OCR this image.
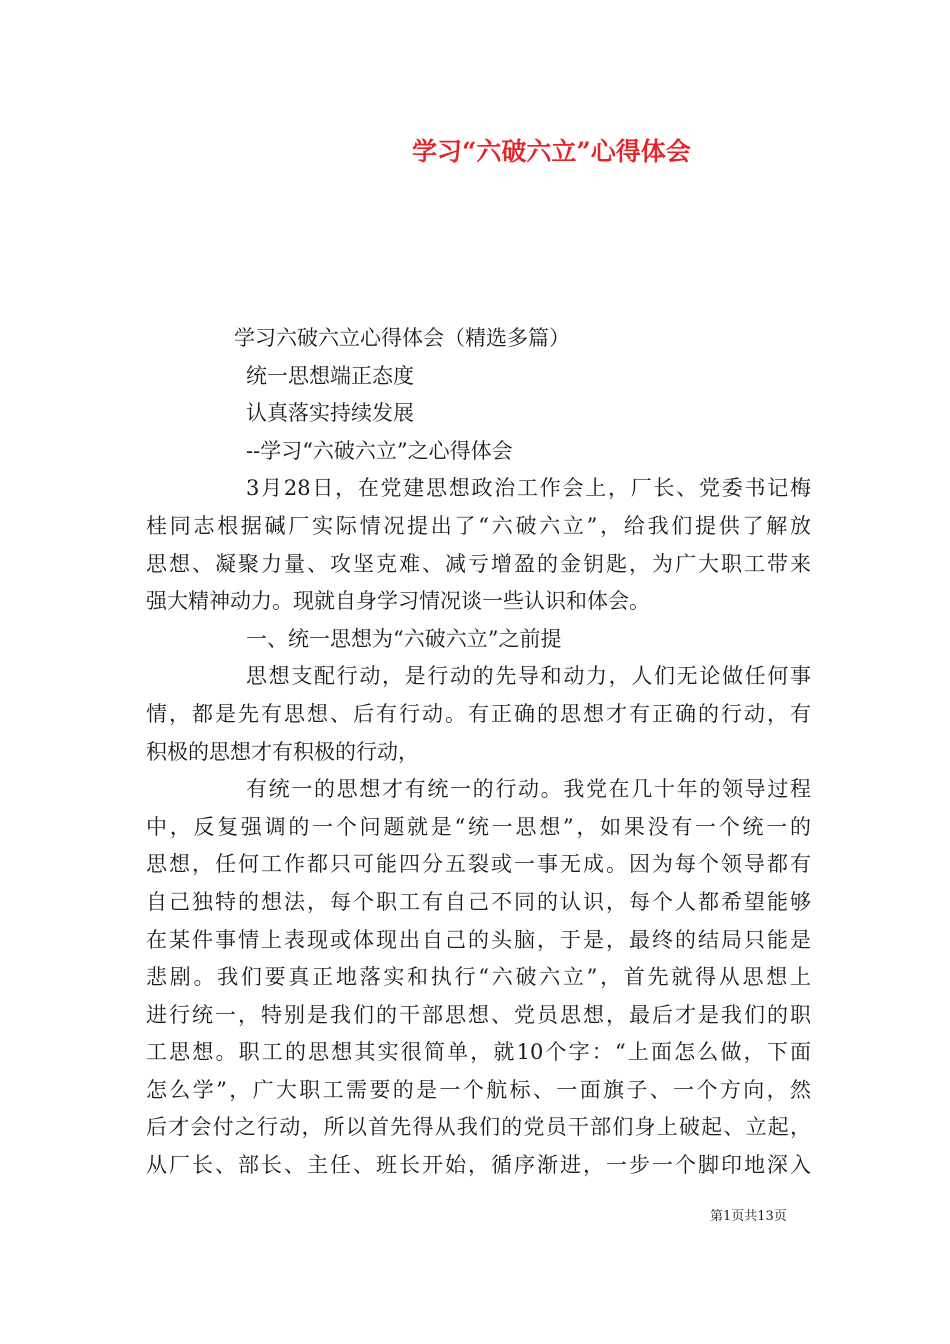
学习“六破六立”心得体会

学习六破六立心得体会（精选多篇）

统一思想端正态度

认真落实持续发展

--学习“六破六立”之心得体会

3月28日，在党建思想政治工作会上，厂长、党委书记梅

桂同志根据碱厂实际情况提出了“六破六立”，给我们提供了解放

思想、凝聚力量、攻坚克难、减亏增盈的金钥匙，为广大职工带来

强大精神动力。现就自身学习情况谈一些认识和体会。

一、统一思想为“六破六立”之前提

思想支配行动，是行动的先导和动力，人们无论做任何事

情，都是先有思想、后有行动。有正确的思想才有正确的行动，有

积极的思想才有积极的行动，

有统一的思想才有统一的行动。我党在几十年的领导过程

中，反复强调的一个问题就是“统一思想”，如果没有一个统一的

思想，任何工作都只可能四分五裂或一事无成。因为每个领导都有

自己独特的想法，每个职工有自己不同的认识，每个人都希望能够

在某件事情上表现或体现出自己的头脑，于是，最终的结局只能是

悲剧。我们要真正地落实和执行“六破六立”，首先就得从思想上

进行统一，特别是我们的干部思想、党员思想，最后才是我们的职

工思想。职工的思想其实很简单，就10个字：“上面怎么做，下面

怎么学”，广大职工需要的是一个航标、一面旗子、一个方向，然

后才会付之行动，所以首先得从我们的党员干部们身上破起、立起，

从厂长、部长、主任、班长开始，循序渐进，一步一个脚印地深入

第1页共13页
